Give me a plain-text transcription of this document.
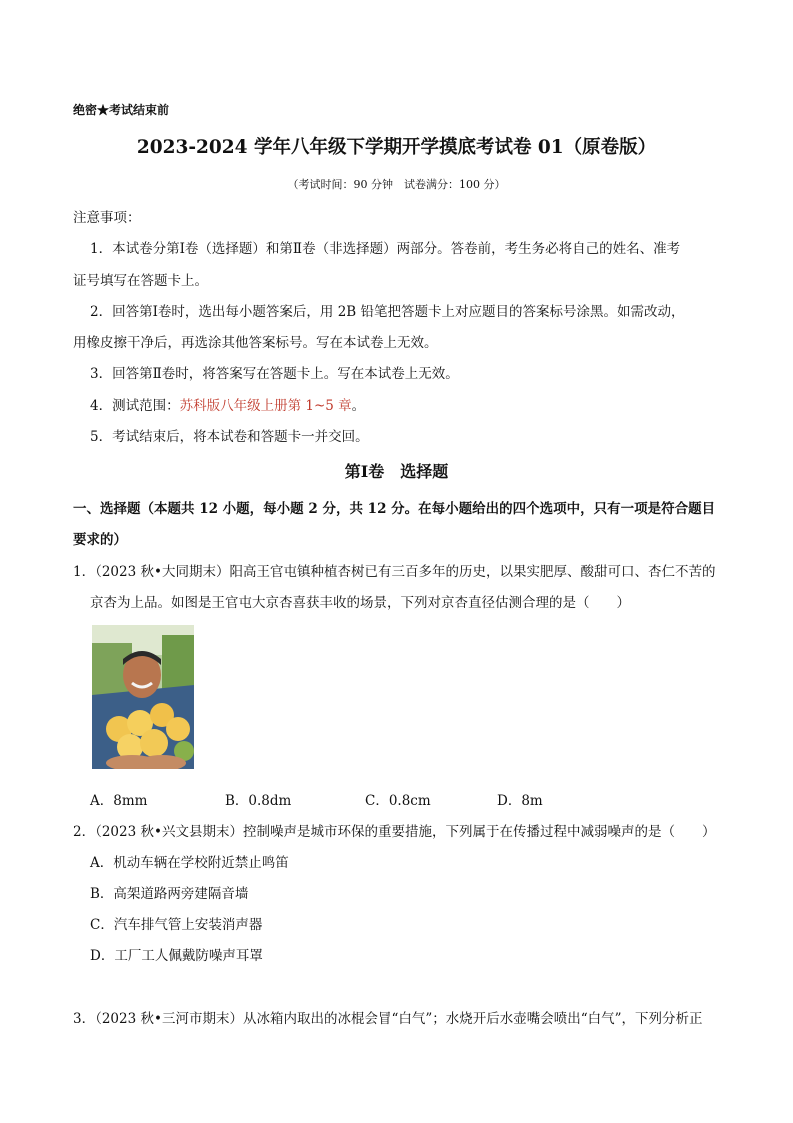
绝密★考试结束前
2023-2024 学年八年级下学期开学摸底考试卷 01（原卷版）
（考试时间：90 分钟　试卷满分：100 分）
注意事项：
1．本试卷分第Ⅰ卷（选择题）和第Ⅱ卷（非选择题）两部分。答卷前，考生务必将自己的姓名、准考
证号填写在答题卡上。
2．回答第Ⅰ卷时，选出每小题答案后，用 2B 铅笔把答题卡上对应题目的答案标号涂黑。如需改动，
用橡皮擦干净后，再选涂其他答案标号。写在本试卷上无效。
3．回答第Ⅱ卷时，将答案写在答题卡上。写在本试卷上无效。
4．测试范围：苏科版八年级上册第 1~5 章。
5．考试结束后，将本试卷和答题卡一并交回。
第Ⅰ卷　选择题
一、选择题（本题共 12 小题，每小题 2 分，共 12 分。在每小题给出的四个选项中，只有一项是符合题目
要求的）
1．（2023 秋•大同期末）阳高王官屯镇种植杏树已有三百多年的历史，以果实肥厚、酸甜可口、杏仁不苦的
京杏为上品。如图是王官屯大京杏喜获丰收的场景，下列对京杏直径估测合理的是（　　）
A．8mm	B．0.8dm	C．0.8cm	D．8m
2．（2023 秋•兴文县期末）控制噪声是城市环保的重要措施，下列属于在传播过程中减弱噪声的是（　　）
A．机动车辆在学校附近禁止鸣笛
B．高架道路两旁建隔音墙
C．汽车排气管上安装消声器
D．工厂工人佩戴防噪声耳罩
3．（2023 秋•三河市期末）从冰箱内取出的冰棍会冒“白气”；水烧开后水壶嘴会喷出“白气”，下列分析正
